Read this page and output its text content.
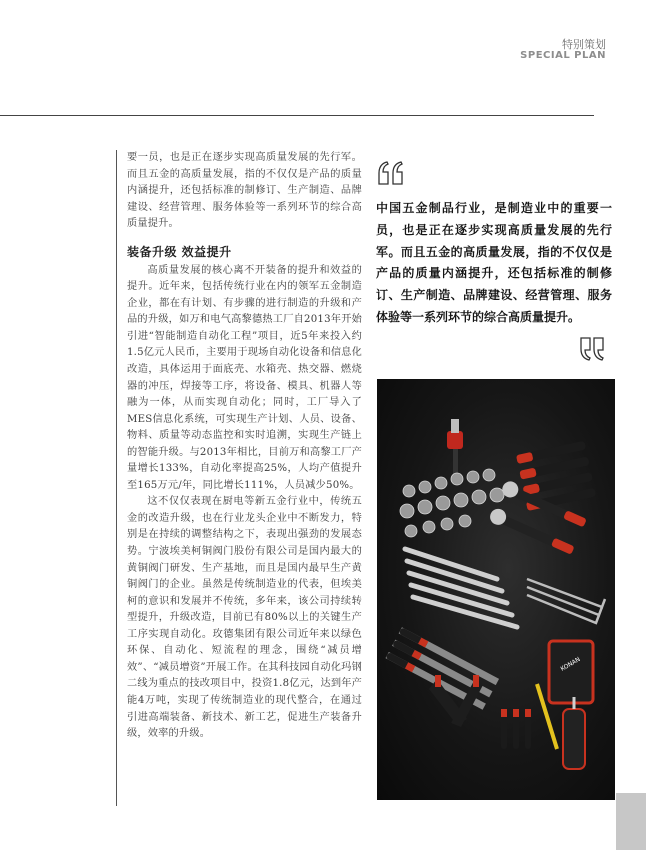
特别策划
SPECIAL PLAN

要一员，也是正在逐步实现高质量发展的先行军。而且五金的高质量发展，指的不仅仅是产品的质量内涵提升，还包括标准的制修订、生产制造、品牌建设、经营管理、服务体验等一系列环节的综合高质量提升。

装备升级 效益提升

高质量发展的核心离不开装备的提升和效益的提升。近年来，包括传统行业在内的领军五金制造企业，都在有计划、有步骤的进行制造的升级和产品的升级，如万和电气高黎德热工厂自2013年开始引进“智能制造自动化工程”项目，近5年来投入约1.5亿元人民币，主要用于现场自动化设备和信息化改造，具体运用于面底壳、水箱壳、热交器、燃烧器的冲压，焊接等工序，将设备、模具、机器人等融为一体，从而实现自动化；同时，工厂导入了MES信息化系统，可实现生产计划、人员、设备、物料、质量等动态监控和实时追溯，实现生产链上的智能升级。与2013年相比，目前万和高黎工厂产量增长133%，自动化率提高25%，人均产值提升至165万元/年，同比增长111%，人员减少50%。

这不仅仅表现在厨电等新五金行业中，传统五金的改造升级，也在行业龙头企业中不断发力，特别是在持续的调整结构之下，表现出强劲的发展态势。宁波埃美柯铜阀门股份有限公司是国内最大的黄铜阀门研发、生产基地，而且是国内最早生产黄铜阀门的企业。虽然是传统制造业的代表，但埃美柯的意识和发展并不传统，多年来，该公司持续转型提升，升级改造，目前已有80%以上的关键生产工序实现自动化。玫德集团有限公司近年来以绿色环保、自动化、短流程的理念，围绕“减员增效”、“减员增资”开展工作。在其科技园自动化玛钢二线为重点的技改项目中，投资1.8亿元，达到年产能4万吨，实现了传统制造业的现代整合，在通过引进高端装备、新技术、新工艺，促进生产装备升级，效率的升级。

中国五金制品行业，是制造业中的重要一员，也是正在逐步实现高质量发展的先行军。而且五金的高质量发展，指的不仅仅是产品的质量内涵提升，还包括标准的制修订、生产制造、品牌建设、经营管理、服务体验等一系列环节的综合高质量提升。

KONAN
